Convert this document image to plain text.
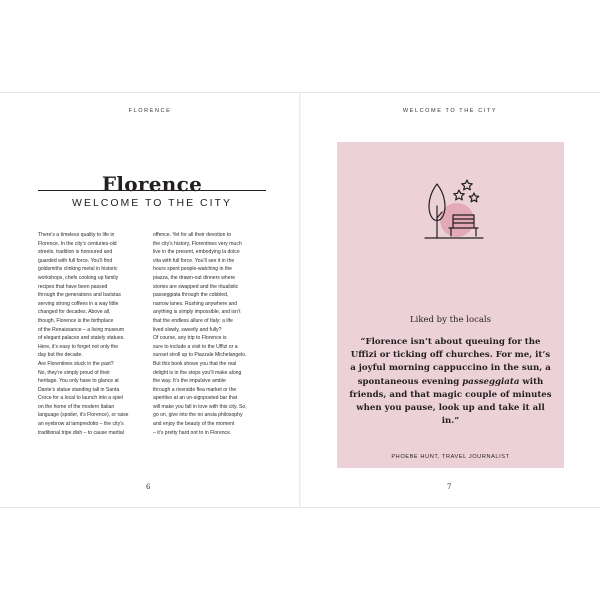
FLORENCE
Florence
WELCOME TO THE CITY

There’s a timeless quality to life in
Florence. In the city’s centuries-old
streets, tradition is honoured and
guarded with full force. You’ll find
goldsmiths clinking metal in historic
workshops, chefs cooking up family
recipes that have been passed
through the generations and baristas
serving strong coffees in a way little
changed for decades. Above all,
though, Florence is the birthplace
of the Renaissance – a living museum
of elegant palaces and stately statues.
Here, it’s easy to forget not only the
day but the decade.
Are Florentines stuck in the past?
No, they’re simply proud of their
heritage. You only have to glance at
Dante’s statue standing tall in Santa
Croce for a local to launch into a spiel
on the home of the modern Italian
language (spoiler, it’s Florence), or raise
an eyebrow at lampredotto – the city’s
traditional tripe dish – to cause martial

offence. Yet for all their devotion to
the city’s history, Florentines very much
live in the present, embodying la dolce
vita with full force. You’ll see it in the
hours spent people-watching in the
piazza, the drawn-out dinners where
stories are swapped and the ritualistic
passeggiata through the cobbled,
narrow lanes. Rushing anywhere and
anything is simply impossible, and isn’t
that the endless allure of Italy: a life
lived slowly, sweetly and fully?
Of course, any trip to Florence is
sure to include a visit to the Uffizi or a
sunset stroll up to Piazzale Michelangelo.
But this book shows you that the real
delight is in the stops you’ll make along
the way. It’s the impulsive amble
through a riverside flea market or the
aperitivo at an un-signposted bar that
will make you fall in love with this city. So,
go on, give into the no ansia philosophy
and enjoy the beauty of the moment
– it’s pretty hard not to in Florence.

6
WELCOME TO THE CITY
Liked by the locals
“Florence isn’t about queuing for the Uffizi or ticking off churches. For me, it’s a joyful morning cappuccino in the sun, a spontaneous evening passeggiata with friends, and that magic couple of minutes when you pause, look up and take it all in.”
PHOEBE HUNT, TRAVEL JOURNALIST
7
